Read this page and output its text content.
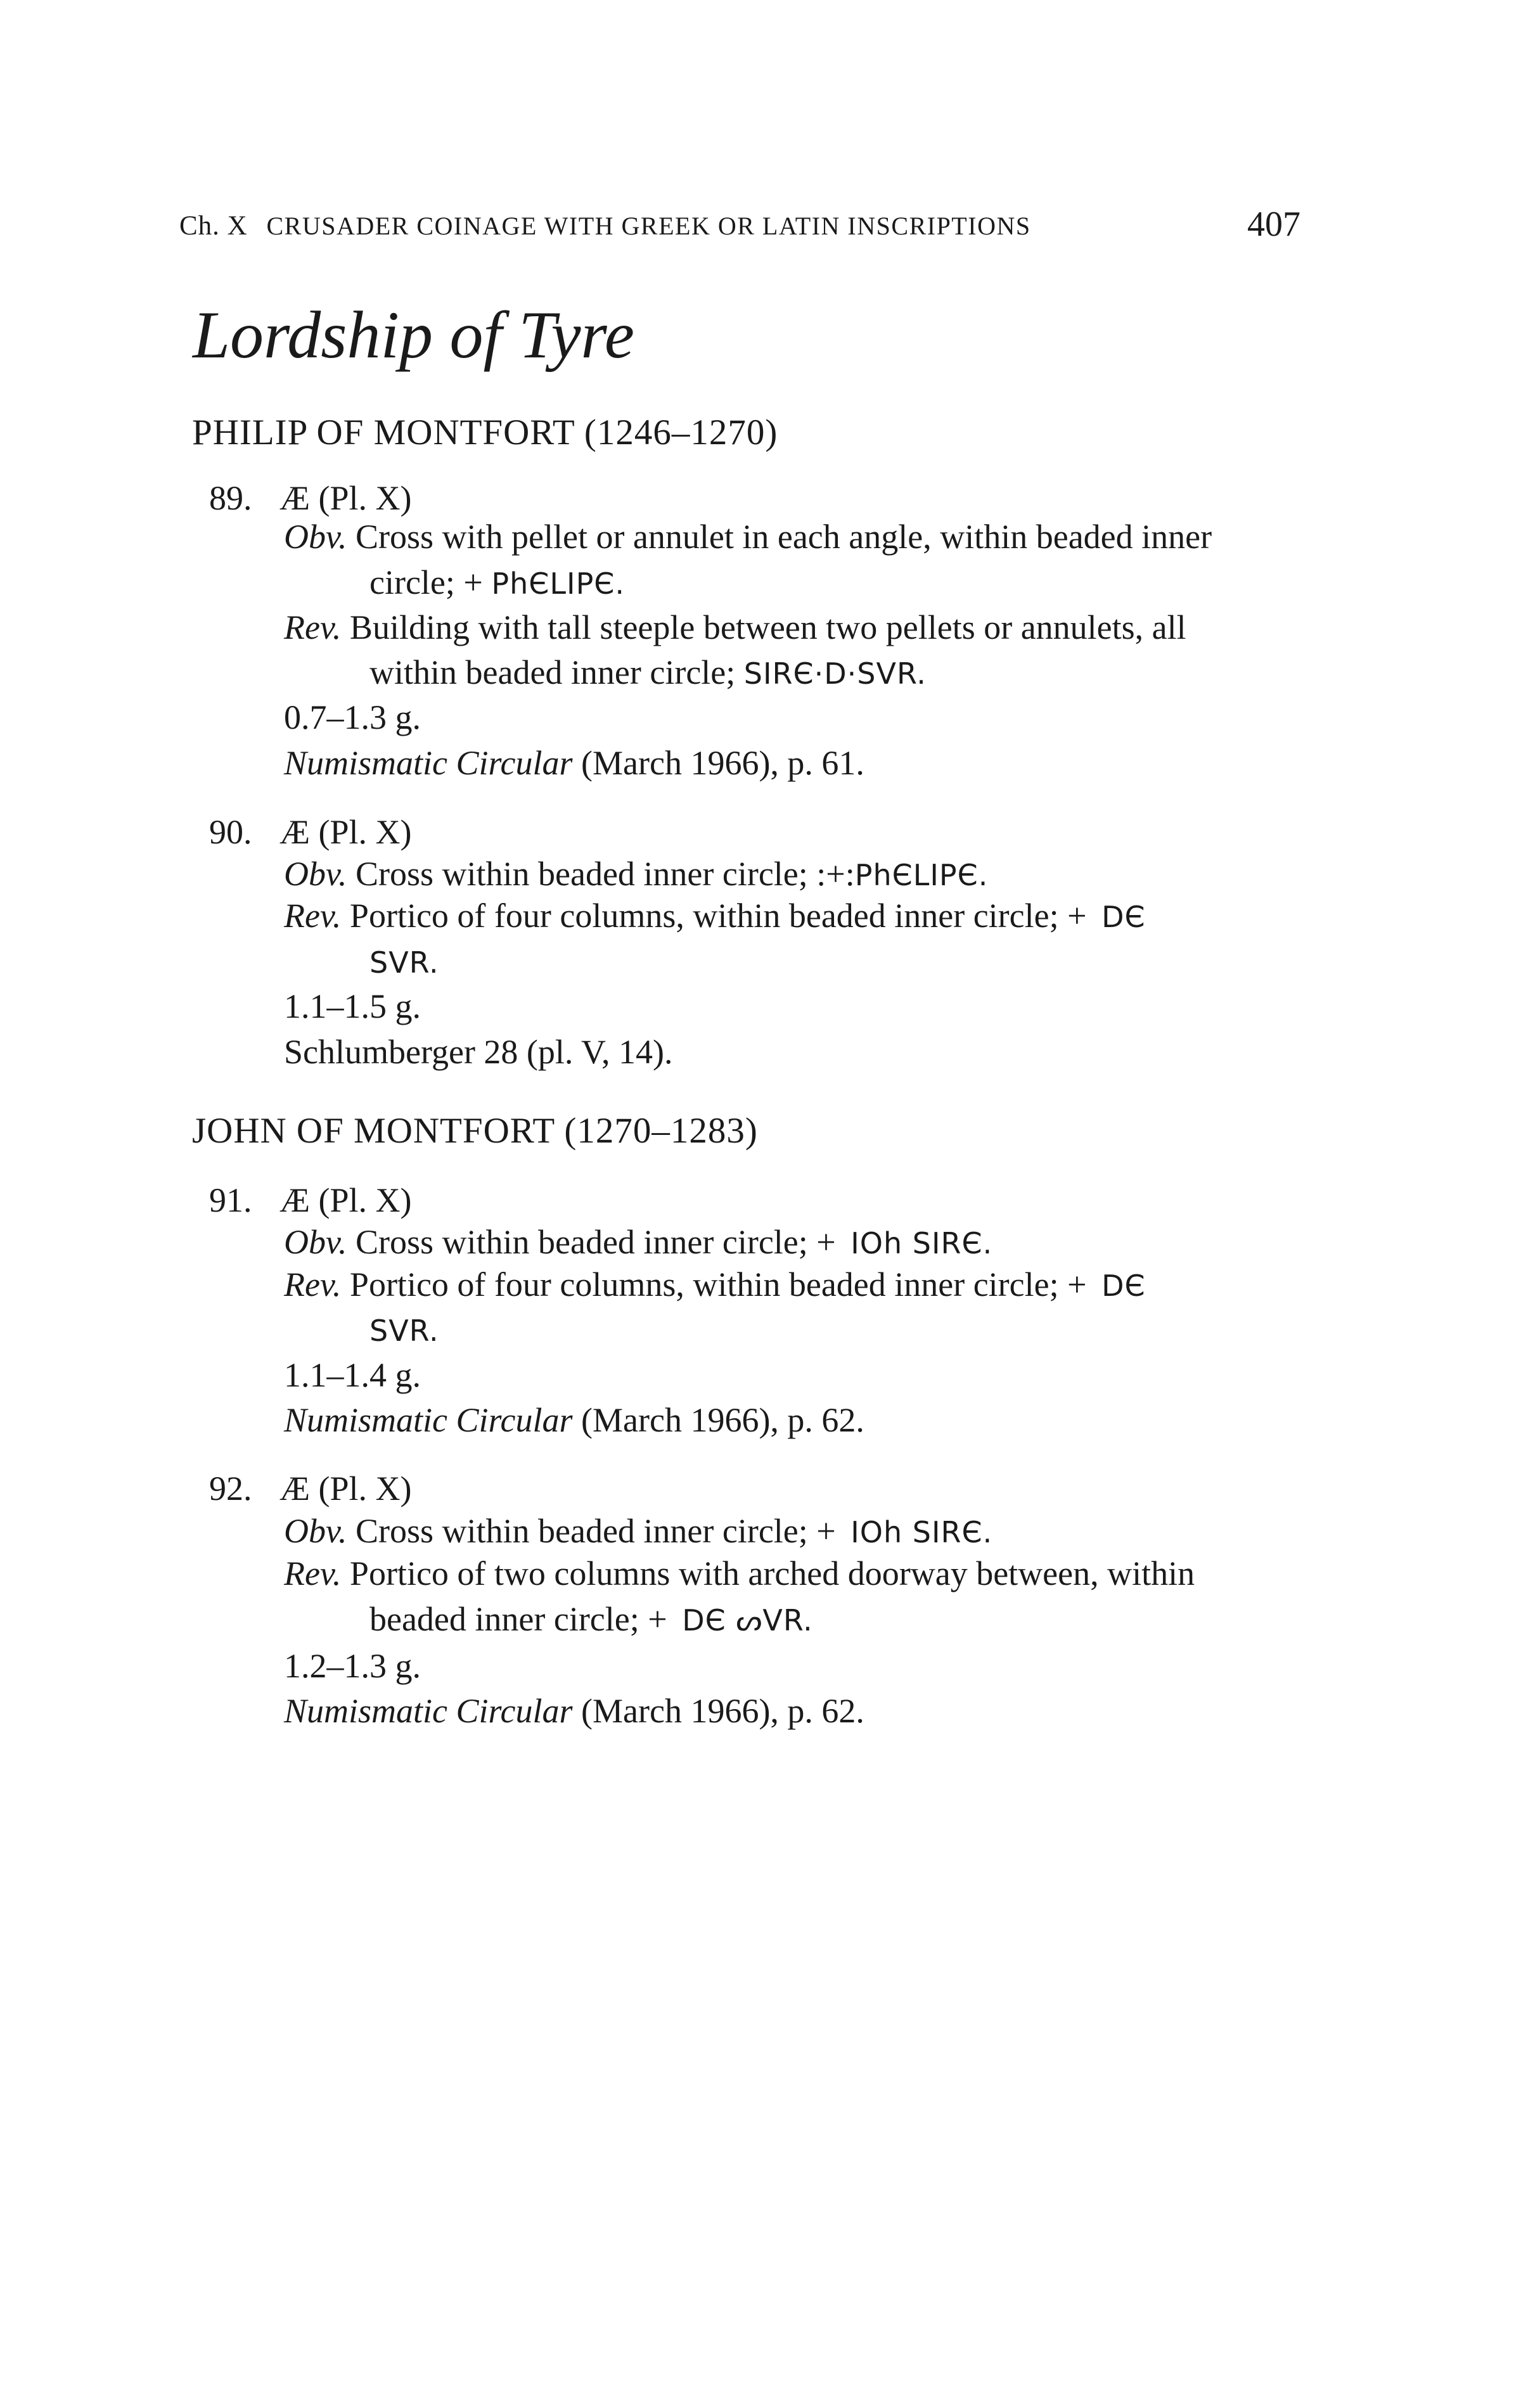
Ch. X CRUSADER COINAGE WITH GREEK OR LATIN INSCRIPTIONS	407
Lordship of Tyre
PHILIP OF MONTFORT (1246–1270)
89. Æ (Pl. X)
Obv. Cross with pellet or annulet in each angle, within beaded inner
circle; + PhЄLIPЄ.
Rev. Building with tall steeple between two pellets or annulets, all
within beaded inner circle; SIRЄ·D·SVR.
0.7–1.3 g.
Numismatic Circular (March 1966), p. 61.
90. Æ (Pl. X)
Obv. Cross within beaded inner circle; :+:PhЄLIPЄ.
Rev. Portico of four columns, within beaded inner circle; + DЄ
SVR.
1.1–1.5 g.
Schlumberger 28 (pl. V, 14).
JOHN OF MONTFORT (1270–1283)
91. Æ (Pl. X)
Obv. Cross within beaded inner circle; + IOh SIRЄ.
Rev. Portico of four columns, within beaded inner circle; + DЄ
SVR.
1.1–1.4 g.
Numismatic Circular (March 1966), p. 62.
92. Æ (Pl. X)
Obv. Cross within beaded inner circle; + IOh SIRЄ.
Rev. Portico of two columns with arched doorway between, within
beaded inner circle; + DЄ ᔕVR.
1.2–1.3 g.
Numismatic Circular (March 1966), p. 62.
